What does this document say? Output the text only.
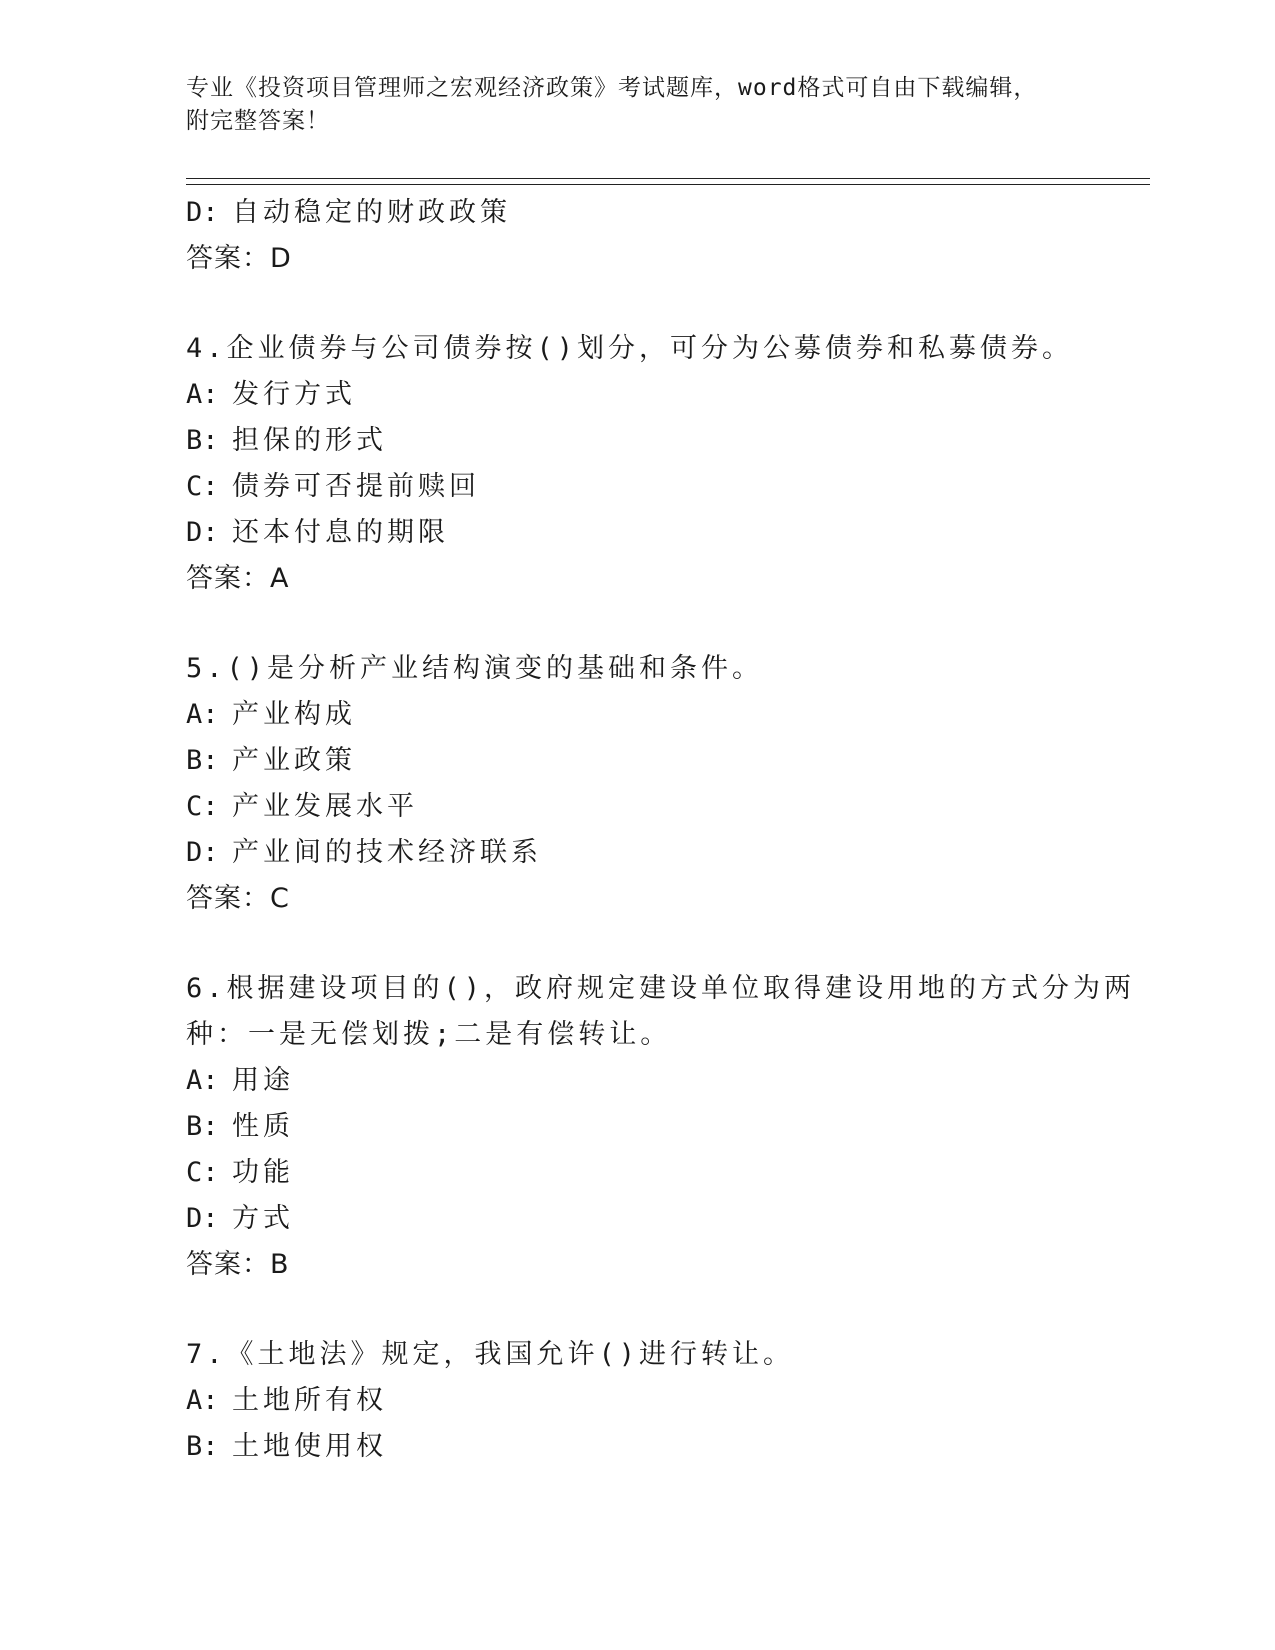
专业《投资项目管理师之宏观经济政策》考试题库，word格式可自由下载编辑，
附完整答案！
D: 自动稳定的财政政策
答案：D
4.企业债券与公司债券按()划分，可分为公募债券和私募债券。
A: 发行方式
B: 担保的形式
C: 债券可否提前赎回
D: 还本付息的期限
答案：A
5.()是分析产业结构演变的基础和条件。
A: 产业构成
B: 产业政策
C: 产业发展水平
D: 产业间的技术经济联系
答案：C
6.根据建设项目的()，政府规定建设单位取得建设用地的方式分为两
种：一是无偿划拨;二是有偿转让。
A: 用途
B: 性质
C: 功能
D: 方式
答案：B
7.《土地法》规定，我国允许()进行转让。
A: 土地所有权
B: 土地使用权
